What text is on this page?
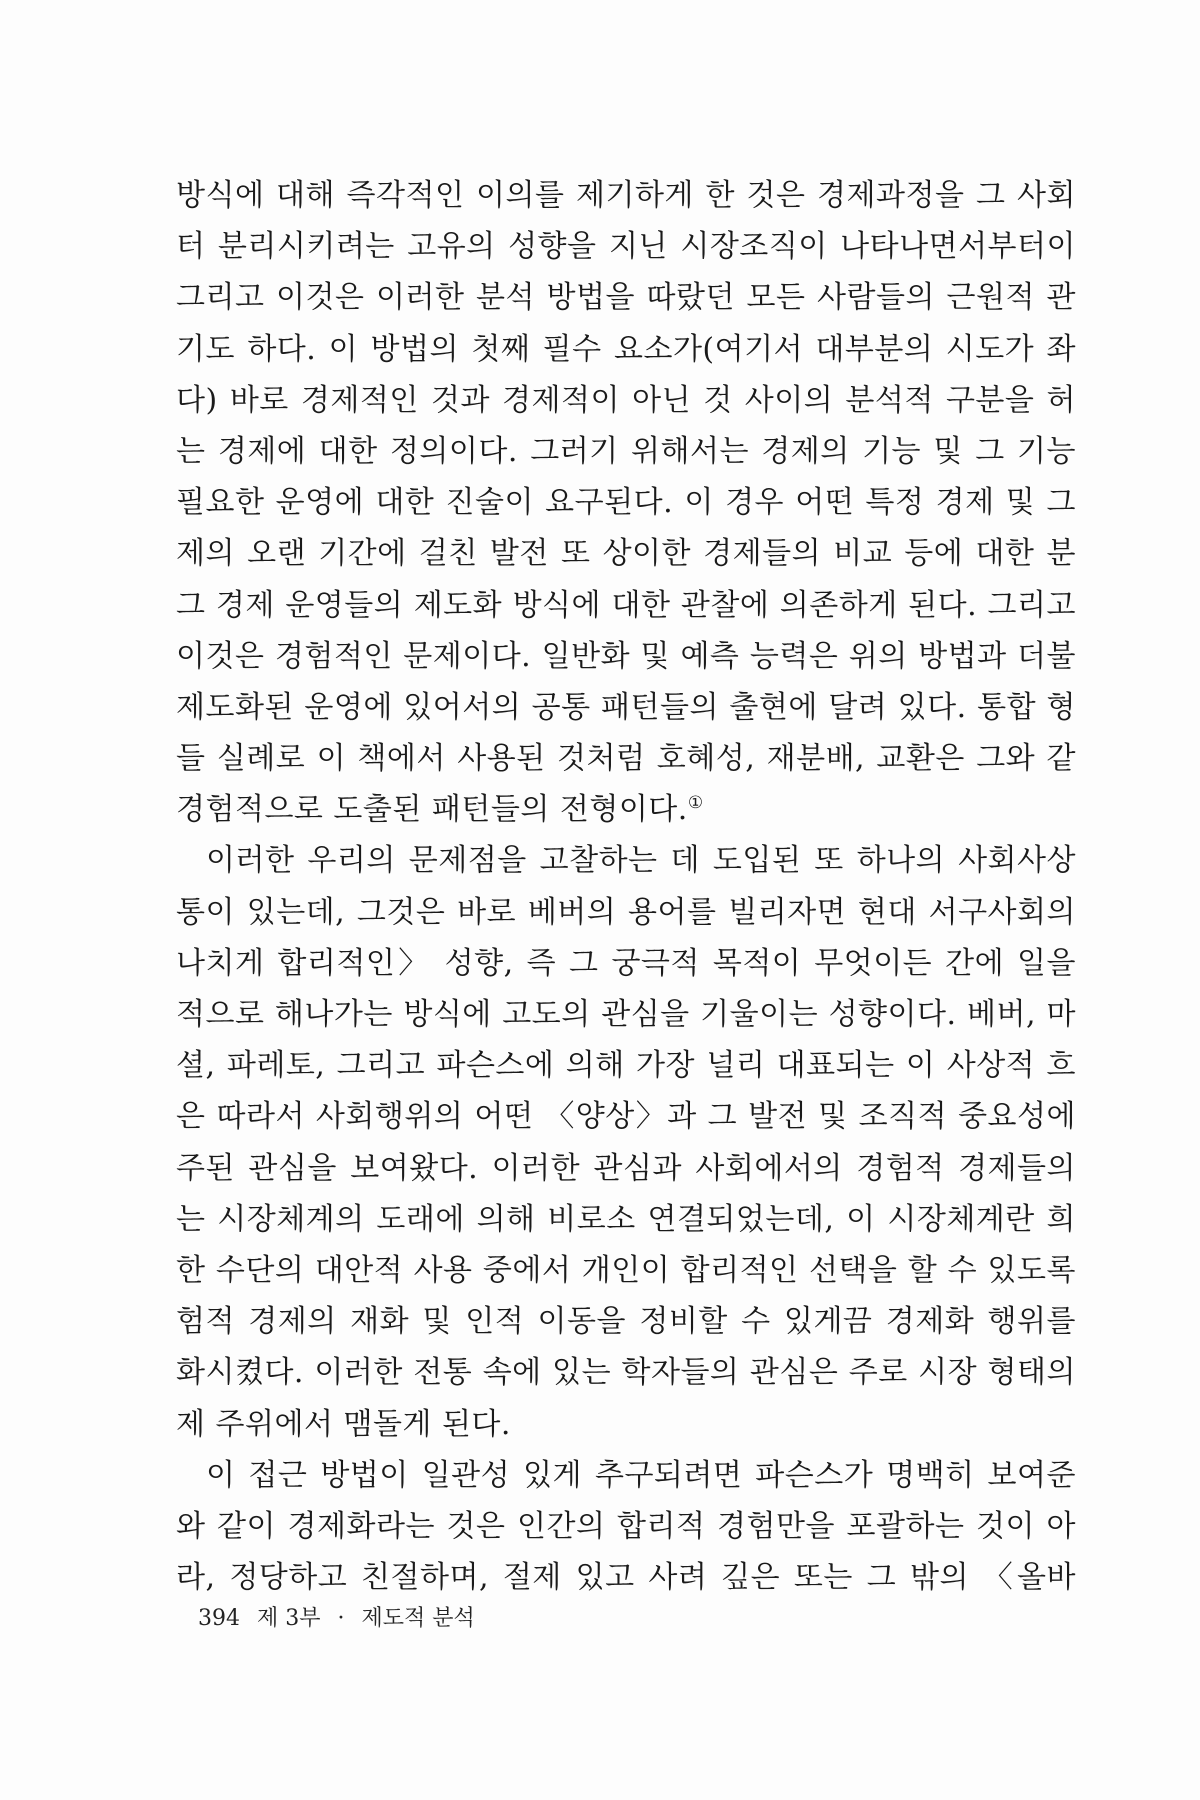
방식에 대해 즉각적인 이의를 제기하게 한 것은 경제과정을 그 사회
터 분리시키려는 고유의 성향을 지닌 시장조직이 나타나면서부터이
그리고 이것은 이러한 분석 방법을 따랐던 모든 사람들의 근원적 관
기도 하다. 이 방법의 첫째 필수 요소가(여기서 대부분의 시도가 좌
다) 바로 경제적인 것과 경제적이 아닌 것 사이의 분석적 구분을 허
는 경제에 대한 정의이다. 그러기 위해서는 경제의 기능 및 그 기능
필요한 운영에 대한 진술이 요구된다. 이 경우 어떤 특정 경제 및 그
제의 오랜 기간에 걸친 발전 또 상이한 경제들의 비교 등에 대한 분
그 경제 운영들의 제도화 방식에 대한 관찰에 의존하게 된다. 그리고
이것은 경험적인 문제이다. 일반화 및 예측 능력은 위의 방법과 더불
제도화된 운영에 있어서의 공통 패턴들의 출현에 달려 있다. 통합 형
들 실례로 이 책에서 사용된 것처럼 호혜성, 재분배, 교환은 그와 같
경험적으로 도출된 패턴들의 전형이다.①
이러한 우리의 문제점을 고찰하는 데 도입된 또 하나의 사회사상
통이 있는데, 그것은 바로 베버의 용어를 빌리자면 현대 서구사회의
나치게 합리적인〉 성향, 즉 그 궁극적 목적이 무엇이든 간에 일을
적으로 해나가는 방식에 고도의 관심을 기울이는 성향이다. 베버, 마
셜, 파레토, 그리고 파슨스에 의해 가장 널리 대표되는 이 사상적 흐
은 따라서 사회행위의 어떤 〈양상〉과 그 발전 및 조직적 중요성에
주된 관심을 보여왔다. 이러한 관심과 사회에서의 경험적 경제들의
는 시장체계의 도래에 의해 비로소 연결되었는데, 이 시장체계란 희
한 수단의 대안적 사용 중에서 개인이 합리적인 선택을 할 수 있도록
험적 경제의 재화 및 인적 이동을 정비할 수 있게끔 경제화 행위를
화시켰다. 이러한 전통 속에 있는 학자들의 관심은 주로 시장 형태의
제 주위에서 맴돌게 된다.
이 접근 방법이 일관성 있게 추구되려면 파슨스가 명백히 보여준
와 같이 경제화라는 것은 인간의 합리적 경험만을 포괄하는 것이 아
라, 정당하고 친절하며, 절제 있고 사려 깊은 또는 그 밖의 〈올바
394 제 3부 · 제도적 분석
